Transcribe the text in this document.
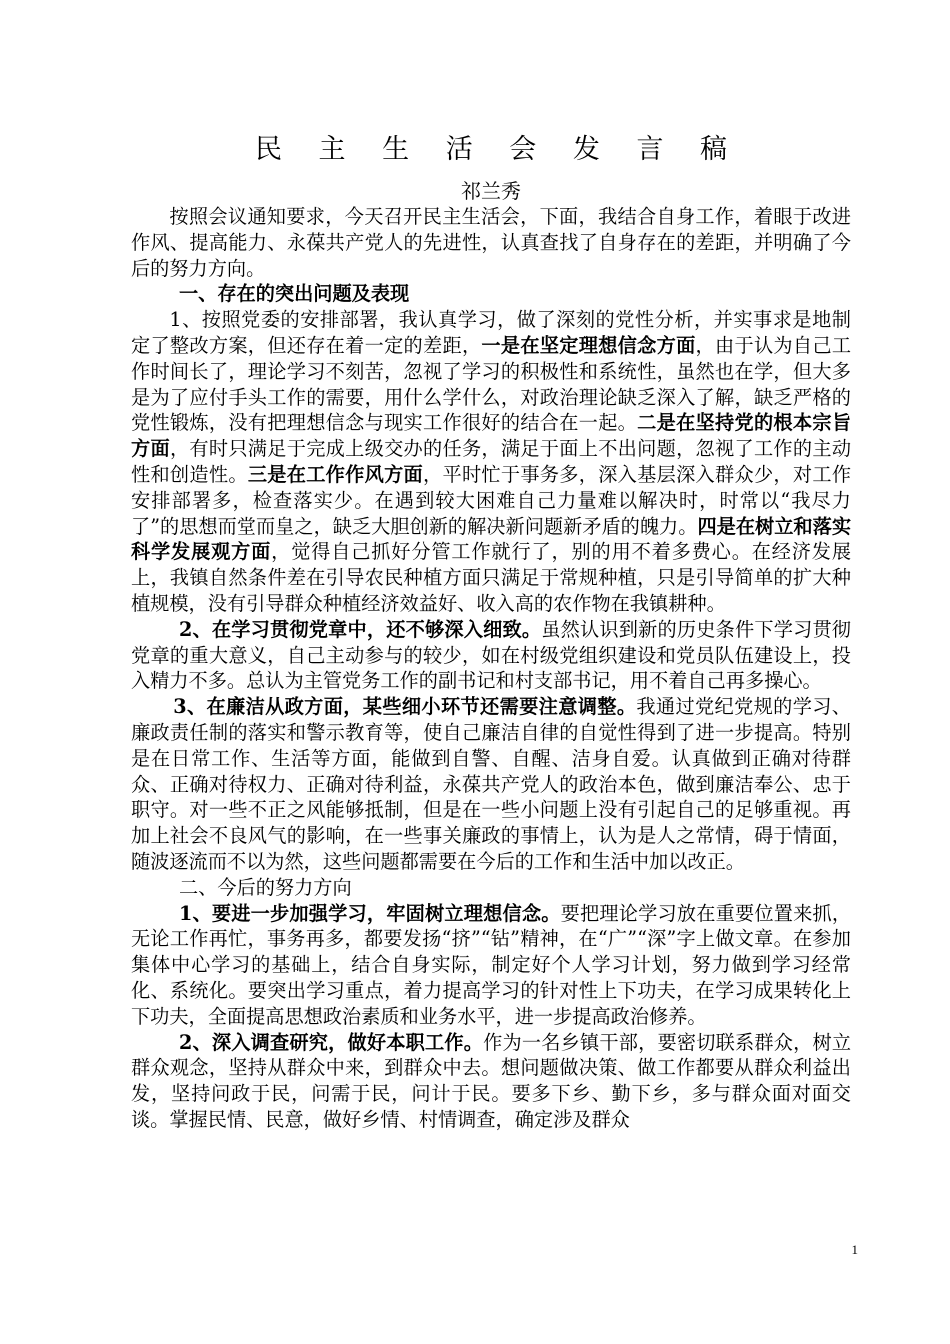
民 主 生 活 会 发 言 稿
祁兰秀

按照会议通知要求，今天召开民主生活会，下面，我结合自身工作，着眼于改进作风、提高能力、永葆共产党人的先进性，认真查找了自身存在的差距，并明确了今后的努力方向。

一、存在的突出问题及表现

1、按照党委的安排部署，我认真学习，做了深刻的党性分析，并实事求是地制定了整改方案，但还存在着一定的差距，一是在坚定理想信念方面，由于认为自己工作时间长了，理论学习不刻苦，忽视了学习的积极性和系统性，虽然也在学，但大多是为了应付手头工作的需要，用什么学什么，对政治理论缺乏深入了解，缺乏严格的党性锻炼，没有把理想信念与现实工作很好的结合在一起。二是在坚持党的根本宗旨方面，有时只满足于完成上级交办的任务，满足于面上不出问题，忽视了工作的主动性和创造性。三是在工作作风方面，平时忙于事务多，深入基层深入群众少，对工作安排部署多，检查落实少。在遇到较大困难自己力量难以解决时，时常以“我尽力了”的思想而堂而皇之，缺乏大胆创新的解决新问题新矛盾的魄力。四是在树立和落实科学发展观方面，觉得自己抓好分管工作就行了，别的用不着多费心。在经济发展上，我镇自然条件差在引导农民种植方面只满足于常规种植，只是引导简单的扩大种植规模，没有引导群众种植经济效益好、收入高的农作物在我镇耕种。

2、在学习贯彻党章中，还不够深入细致。虽然认识到新的历史条件下学习贯彻党章的重大意义，自己主动参与的较少，如在村级党组织建设和党员队伍建设上，投入精力不多。总认为主管党务工作的副书记和村支部书记，用不着自己再多操心。

3、在廉洁从政方面，某些细小环节还需要注意调整。我通过党纪党规的学习、廉政责任制的落实和警示教育等，使自己廉洁自律的自觉性得到了进一步提高。特别是在日常工作、生活等方面，能做到自警、自醒、洁身自爱。认真做到正确对待群众、正确对待权力、正确对待利益，永葆共产党人的政治本色，做到廉洁奉公、忠于职守。对一些不正之风能够抵制，但是在一些小问题上没有引起自己的足够重视。再加上社会不良风气的影响，在一些事关廉政的事情上，认为是人之常情，碍于情面，随波逐流而不以为然，这些问题都需要在今后的工作和生活中加以改正。

二、今后的努力方向

1、要进一步加强学习，牢固树立理想信念。要把理论学习放在重要位置来抓，无论工作再忙，事务再多，都要发扬“挤”“钻”精神，在“广”“深”字上做文章。在参加集体中心学习的基础上，结合自身实际，制定好个人学习计划，努力做到学习经常化、系统化。要突出学习重点，着力提高学习的针对性上下功夫，在学习成果转化上下功夫，全面提高思想政治素质和业务水平，进一步提高政治修养。

2、深入调查研究，做好本职工作。作为一名乡镇干部，要密切联系群众，树立群众观念，坚持从群众中来，到群众中去。想问题做决策、做工作都要从群众利益出发，坚持问政于民，问需于民，问计于民。要多下乡、勤下乡，多与群众面对面交谈。掌握民情、民意，做好乡情、村情调查，确定涉及群众

1
